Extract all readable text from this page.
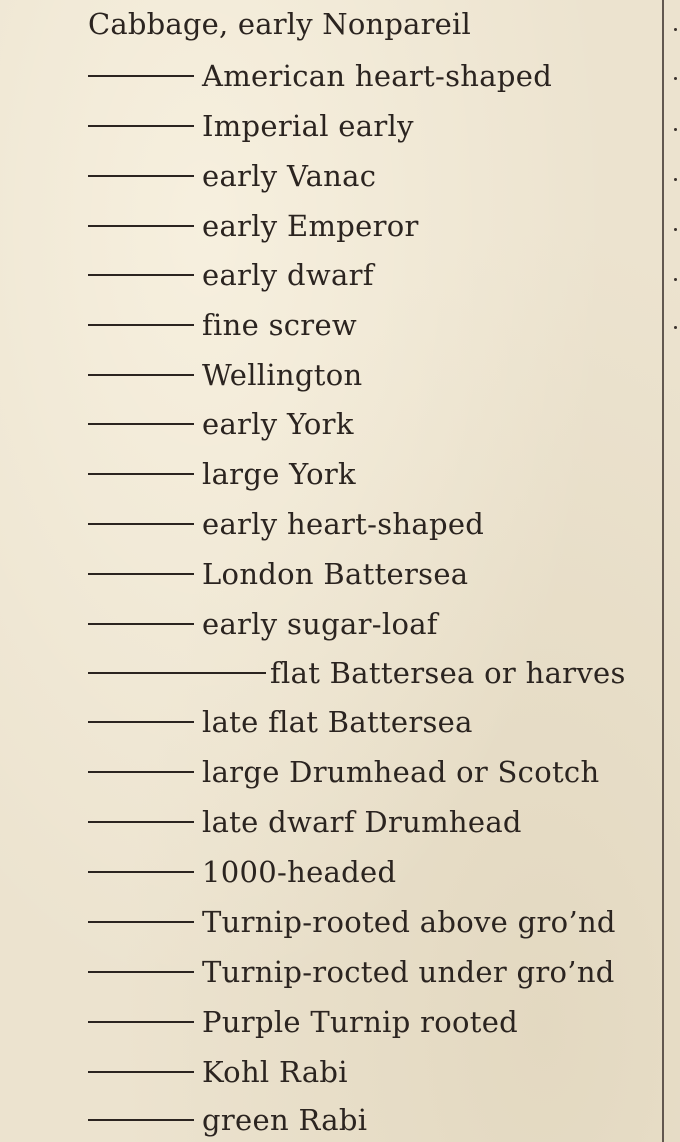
Cabbage, early Nonpareil
American heart-shaped
Imperial early
early Vanac
early Emperor
early dwarf
fine screw
Wellington
early York
large York
early heart-shaped
London Battersea
early sugar-loaf
flat Battersea or harves
late flat Battersea
large Drumhead or Scotch
late dwarf Drumhead
1000-headed
Turnip-rooted above gro’nd
Turnip-rocted under gro’nd
Purple Turnip rooted
Kohl Rabi
green Rabi
